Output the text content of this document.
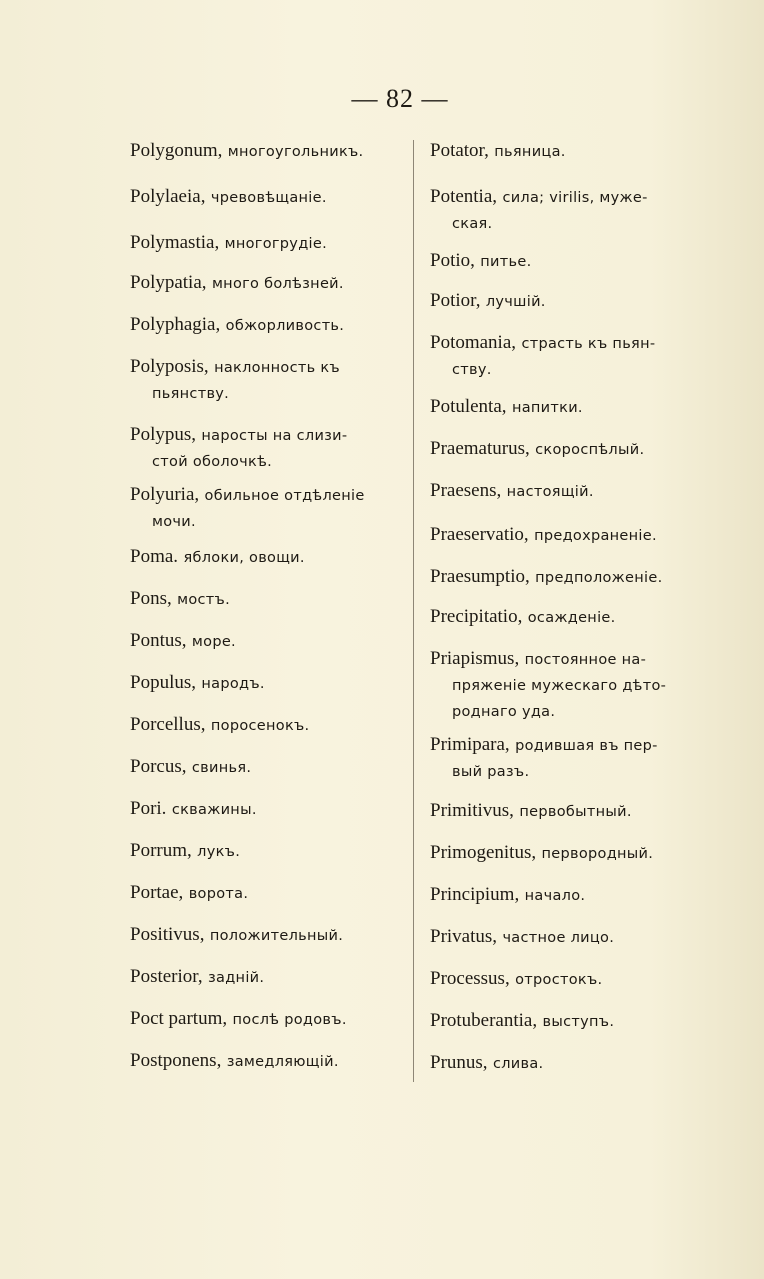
— 82 —
Polygonum, многоугольникъ.
Polylaeia, чревовѣщаніе.
Polymastia, многогрудіе.
Polypatia, много болѣзней.
Polyphagia, обжорливость.
Polyposis, наклонность къ
пьянству.
Polypus, наросты на слизи-
стой оболочкѣ.
Polyuria, обильное отдѣленіе
мочи.
Poma. яблоки, овощи.
Pons, мостъ.
Pontus, море.
Populus, народъ.
Porcellus, поросенокъ.
Porcus, свинья.
Pori. скважины.
Porrum, лукъ.
Portae, ворота.
Positivus, положительный.
Posterior, задній.
Poct partum, послѣ родовъ.
Postponens, замедляющій.
Potator, пьяница.
Potentia, сила; virilis, муже-
ская.
Potio, питье.
Potior, лучшій.
Potomania, страсть къ пьян-
ству.
Potulenta, напитки.
Praematurus, скороспѣлый.
Praesens, настоящій.
Praeservatio, предохраненіе.
Praesumptio, предположеніе.
Precipitatio, осажденіе.
Priapismus, постоянное на-
пряженіе мужескаго дѣто-
роднаго уда.
Primipara, родившая въ пер-
вый разъ.
Primitivus, первобытный.
Primogenitus, первородный.
Principium, начало.
Privatus, частное лицо.
Processus, отростокъ.
Protuberantia, выступъ.
Prunus, слива.
